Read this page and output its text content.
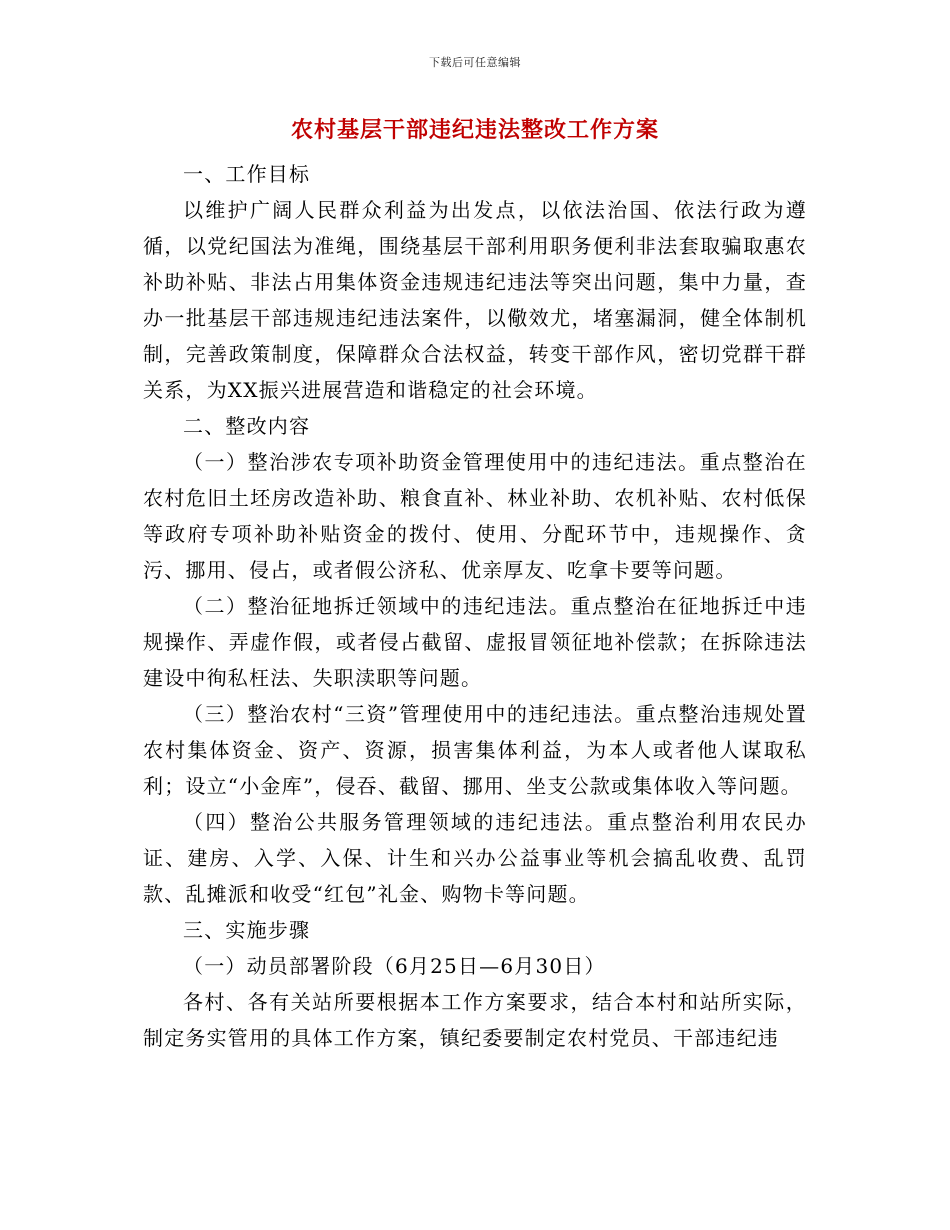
下载后可任意编辑
农村基层干部违纪违法整改工作方案

一、工作目标

以维护广阔人民群众利益为出发点，以依法治国、依法行政为遵循，以党纪国法为准绳，围绕基层干部利用职务便利非法套取骗取惠农补助补贴、非法占用集体资金违规违纪违法等突出问题，集中力量，查办一批基层干部违规违纪违法案件，以儆效尤，堵塞漏洞，健全体制机制，完善政策制度，保障群众合法权益，转变干部作风，密切党群干群关系，为XX振兴进展营造和谐稳定的社会环境。

二、整改内容

（一）整治涉农专项补助资金管理使用中的违纪违法。重点整治在农村危旧土坯房改造补助、粮食直补、林业补助、农机补贴、农村低保等政府专项补助补贴资金的拨付、使用、分配环节中，违规操作、贪污、挪用、侵占，或者假公济私、优亲厚友、吃拿卡要等问题。

（二）整治征地拆迁领域中的违纪违法。重点整治在征地拆迁中违规操作、弄虚作假，或者侵占截留、虚报冒领征地补偿款；在拆除违法建设中徇私枉法、失职渎职等问题。

（三）整治农村“三资”管理使用中的违纪违法。重点整治违规处置农村集体资金、资产、资源，损害集体利益，为本人或者他人谋取私利；设立“小金库”，侵吞、截留、挪用、坐支公款或集体收入等问题。

（四）整治公共服务管理领域的违纪违法。重点整治利用农民办证、建房、入学、入保、计生和兴办公益事业等机会搞乱收费、乱罚款、乱摊派和收受“红包”礼金、购物卡等问题。

三、实施步骤

（一）动员部署阶段（6月25日—6月30日）

各村、各有关站所要根据本工作方案要求，结合本村和站所实际，制定务实管用的具体工作方案，镇纪委要制定农村党员、干部违纪违
